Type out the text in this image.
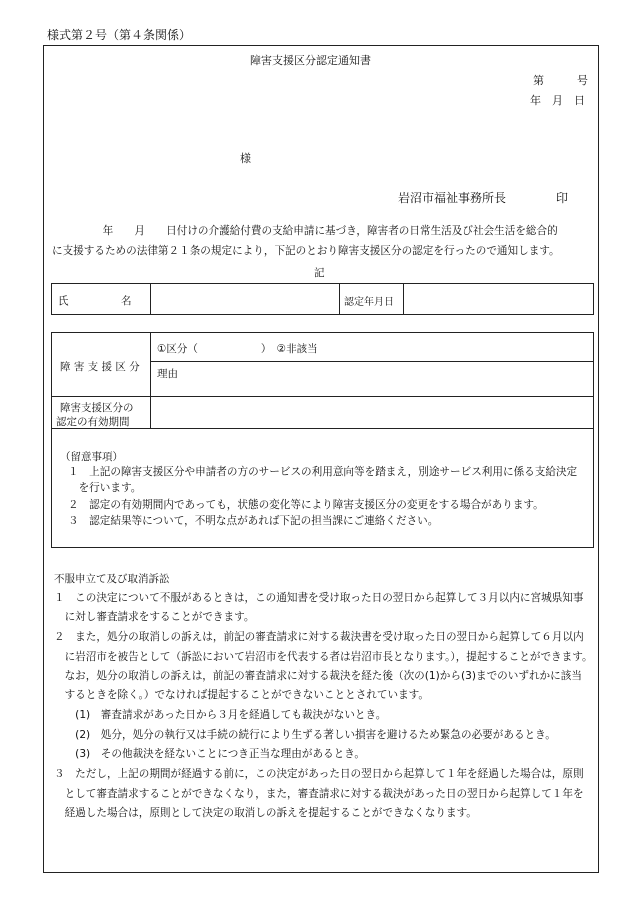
様式第２号（第４条関係）
障害支援区分認定通知書
第　　　号
年　月　日
様
岩沼市福祉事務所長	印
　年　　月　　日付けの介護給付費の支給申請に基づき，障害者の日常生活及び社会生活を総合的
に支援するための法律第２１条の規定により，下記のとおり障害支援区分の認定を行ったので通知します。
記
氏　　　　　名	認定年月日
障 害 支 援 区 分
①区分（　　　　　　）　②非該当
理由
障害支援区分の
認定の有効期間
（留意事項）
１　上記の障害支援区分や申請者の方のサービスの利用意向等を踏まえ，別途サービス利用に係る支給決定
　を行います。
２　認定の有効期間内であっても，状態の変化等により障害支援区分の変更をする場合があります。
３　認定結果等について，不明な点があれば下記の担当課にご連絡ください。
不服申立て及び取消訴訟
１　この決定について不服があるときは，この通知書を受け取った日の翌日から起算して３月以内に宮城県知事
　に対し審査請求をすることができます。
２　また，処分の取消しの訴えは，前記の審査請求に対する裁決書を受け取った日の翌日から起算して６月以内
　に岩沼市を被告として（訴訟において岩沼市を代表する者は岩沼市長となります。），提起することができます。
　なお，処分の取消しの訴えは，前記の審査請求に対する裁決を経た後（次の(1)から(3)までのいずれかに該当
　するときを除く。）でなければ提起することができないこととされています。
　　(1)　審査請求があった日から３月を経過しても裁決がないとき。
　　(2)　処分，処分の執行又は手続の続行により生ずる著しい損害を避けるため緊急の必要があるとき。
　　(3)　その他裁決を経ないことにつき正当な理由があるとき。
３　ただし，上記の期間が経過する前に，この決定があった日の翌日から起算して１年を経過した場合は，原則
　として審査請求することができなくなり，また，審査請求に対する裁決があった日の翌日から起算して１年を
　経過した場合は，原則として決定の取消しの訴えを提起することができなくなります。
